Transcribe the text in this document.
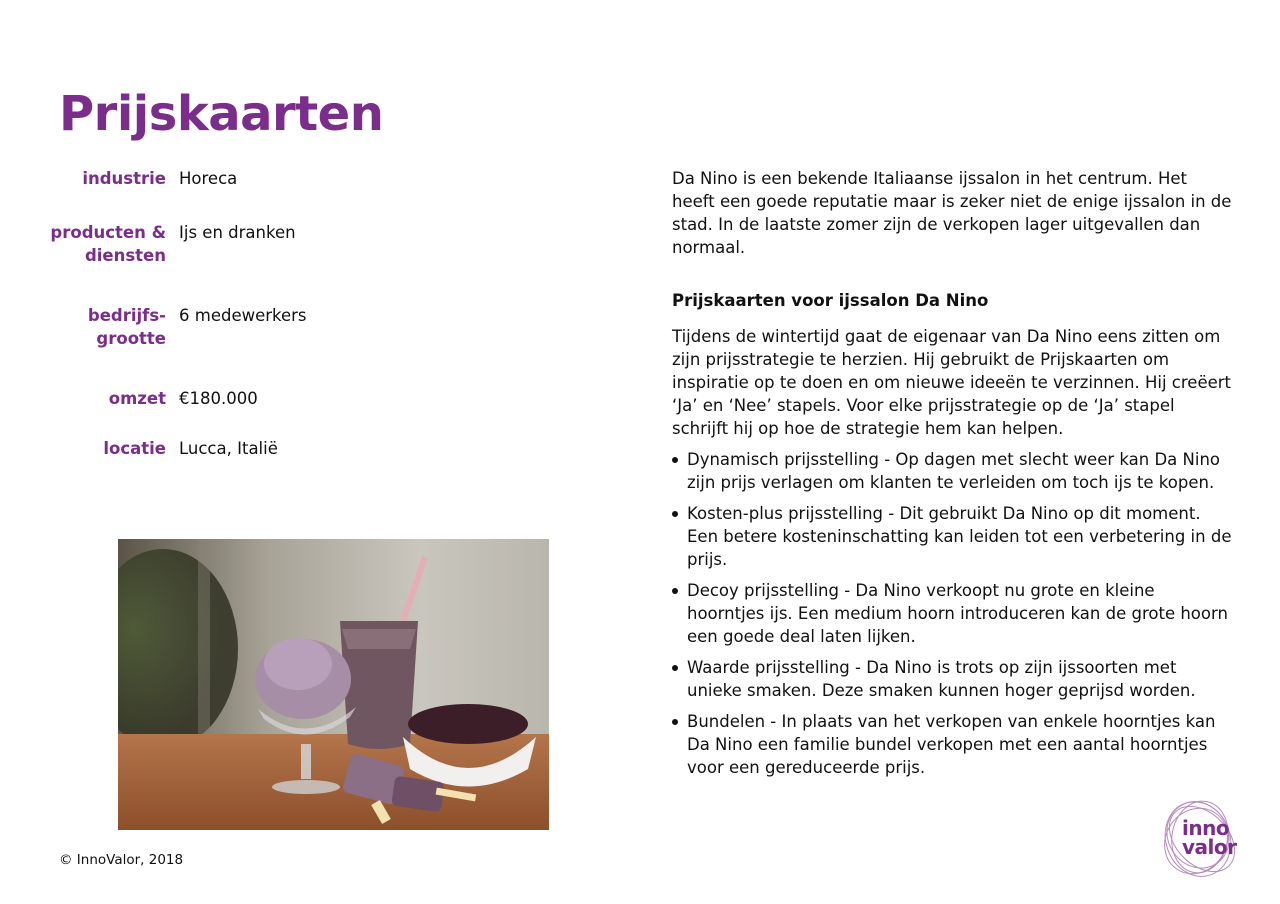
Prijskaarten
industrie Horeca
producten &
diensten
Ijs en dranken
bedrijfs-
grootte
6 medewerkers
omzet €180.000
locatie Lucca, Italië

Da Nino is een bekende Italiaanse ijssalon in het centrum. Het heeft een goede reputatie maar is zeker niet de enige ijssalon in de stad. In de laatste zomer zijn de verkopen lager uitgevallen dan normaal.

Prijskaarten voor ijssalon Da Nino

Tijdens de wintertijd gaat de eigenaar van Da Nino eens zitten om zijn prijsstrategie te herzien. Hij gebruikt de Prijskaarten om inspiratie op te doen en om nieuwe ideeën te verzinnen. Hij creëert ‘Ja’ en ‘Nee’ stapels. Voor elke prijsstrategie op de ‘Ja’ stapel schrijft hij op hoe de strategie hem kan helpen.

Dynamisch prijsstelling - Op dagen met slecht weer kan Da Nino zijn prijs verlagen om klanten te verleiden om toch ijs te kopen.
Kosten-plus prijsstelling - Dit gebruikt Da Nino op dit moment. Een betere kosteninschatting kan leiden tot een verbetering in de prijs.
Decoy prijsstelling - Da Nino verkoopt nu grote en kleine hoorntjes ijs. Een medium hoorn introduceren kan de grote hoorn een goede deal laten lijken.
Waarde prijsstelling - Da Nino is trots op zijn ijssoorten met unieke smaken. Deze smaken kunnen hoger geprijsd worden.
Bundelen - In plaats van het verkopen van enkele hoorntjes kan Da Nino een familie bundel verkopen met een aantal hoorntjes voor een gereduceerde prijs.
© InnoValor, 2018
inno
valor
